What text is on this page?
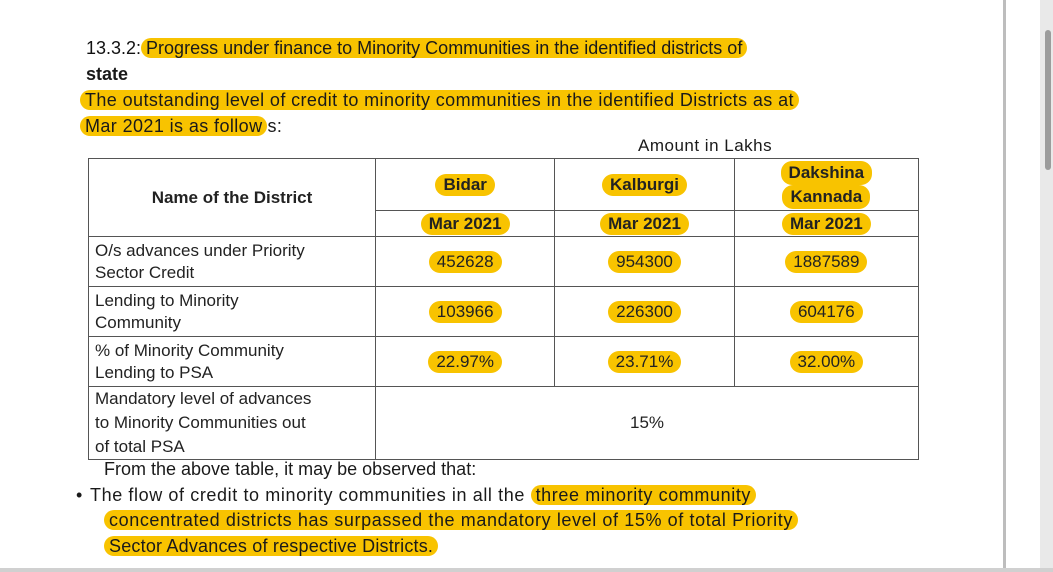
13.3.2: Progress under finance to Minority Communities in the identified districts of
state
The outstanding level of credit to minority communities in the identified Districts as at
Mar 2021 is as follow s:
Amount in Lakhs
Name of the District	Bidar	Kalburgi	Dakshina
Kannada
	Mar 2021	Mar 2021	Mar 2021
O/s advances under Priority
Sector Credit	452628	954300	1887589
Lending to Minority
Community	103966	226300	604176
% of Minority Community
Lending to PSA	22.97%	23.71%	32.00%
Mandatory level of advances
to Minority Communities out
of total PSA	15%		
From the above table, it may be observed that:
• The flow of credit to minority communities in all the three minority community
concentrated districts has surpassed the mandatory level of 15% of total Priority
Sector Advances of respective Districts.
